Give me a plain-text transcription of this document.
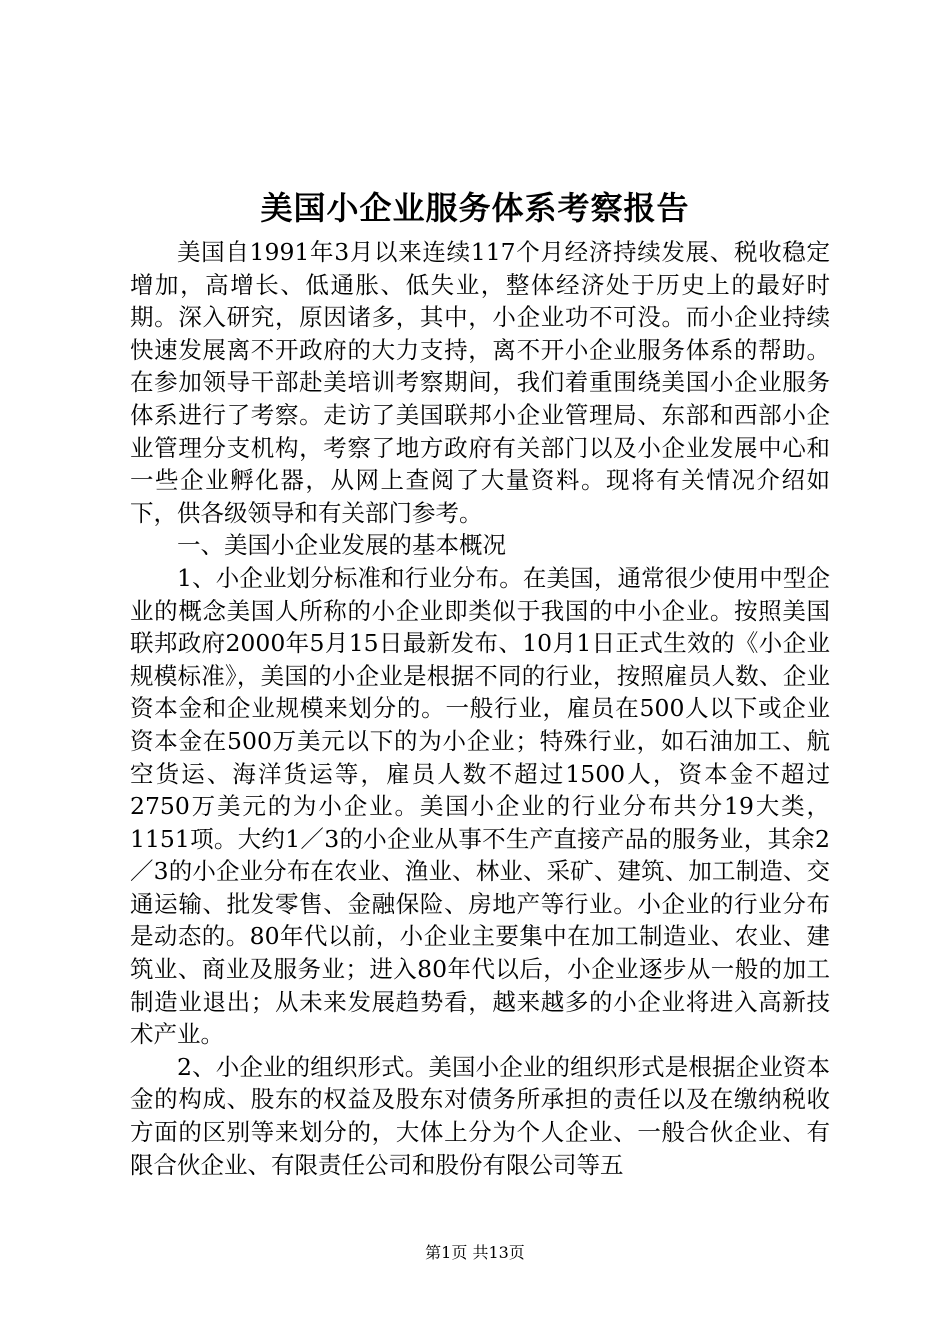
美国小企业服务体系考察报告

美国自1991年3月以来连续117个月经济持续发展、税收稳定增加，高增长、低通胀、低失业，整体经济处于历史上的最好时期。深入研究，原因诸多，其中，小企业功不可没。而小企业持续快速发展离不开政府的大力支持，离不开小企业服务体系的帮助。在参加领导干部赴美培训考察期间，我们着重围绕美国小企业服务体系进行了考察。走访了美国联邦小企业管理局、东部和西部小企业管理分支机构，考察了地方政府有关部门以及小企业发展中心和一些企业孵化器，从网上查阅了大量资料。现将有关情况介绍如下，供各级领导和有关部门参考。

一、美国小企业发展的基本概况

1、小企业划分标准和行业分布。在美国，通常很少使用中型企业的概念美国人所称的小企业即类似于我国的中小企业。按照美国联邦政府2000年5月15日最新发布、10月1日正式生效的《小企业规模标准》，美国的小企业是根据不同的行业，按照雇员人数、企业资本金和企业规模来划分的。一般行业，雇员在500人以下或企业资本金在500万美元以下的为小企业；特殊行业，如石油加工、航空货运、海洋货运等，雇员人数不超过1500人，资本金不超过2750万美元的为小企业。美国小企业的行业分布共分19大类，1151项。大约1／3的小企业从事不生产直接产品的服务业，其余2／3的小企业分布在农业、渔业、林业、采矿、建筑、加工制造、交通运输、批发零售、金融保险、房地产等行业。小企业的行业分布是动态的。80年代以前，小企业主要集中在加工制造业、农业、建筑业、商业及服务业；进入80年代以后，小企业逐步从一般的加工制造业退出；从未来发展趋势看，越来越多的小企业将进入高新技术产业。

2、小企业的组织形式。美国小企业的组织形式是根据企业资本金的构成、股东的权益及股东对债务所承担的责任以及在缴纳税收方面的区别等来划分的，大体上分为个人企业、一般合伙企业、有限合伙企业、有限责任公司和股份有限公司等五

第1页 共13页
